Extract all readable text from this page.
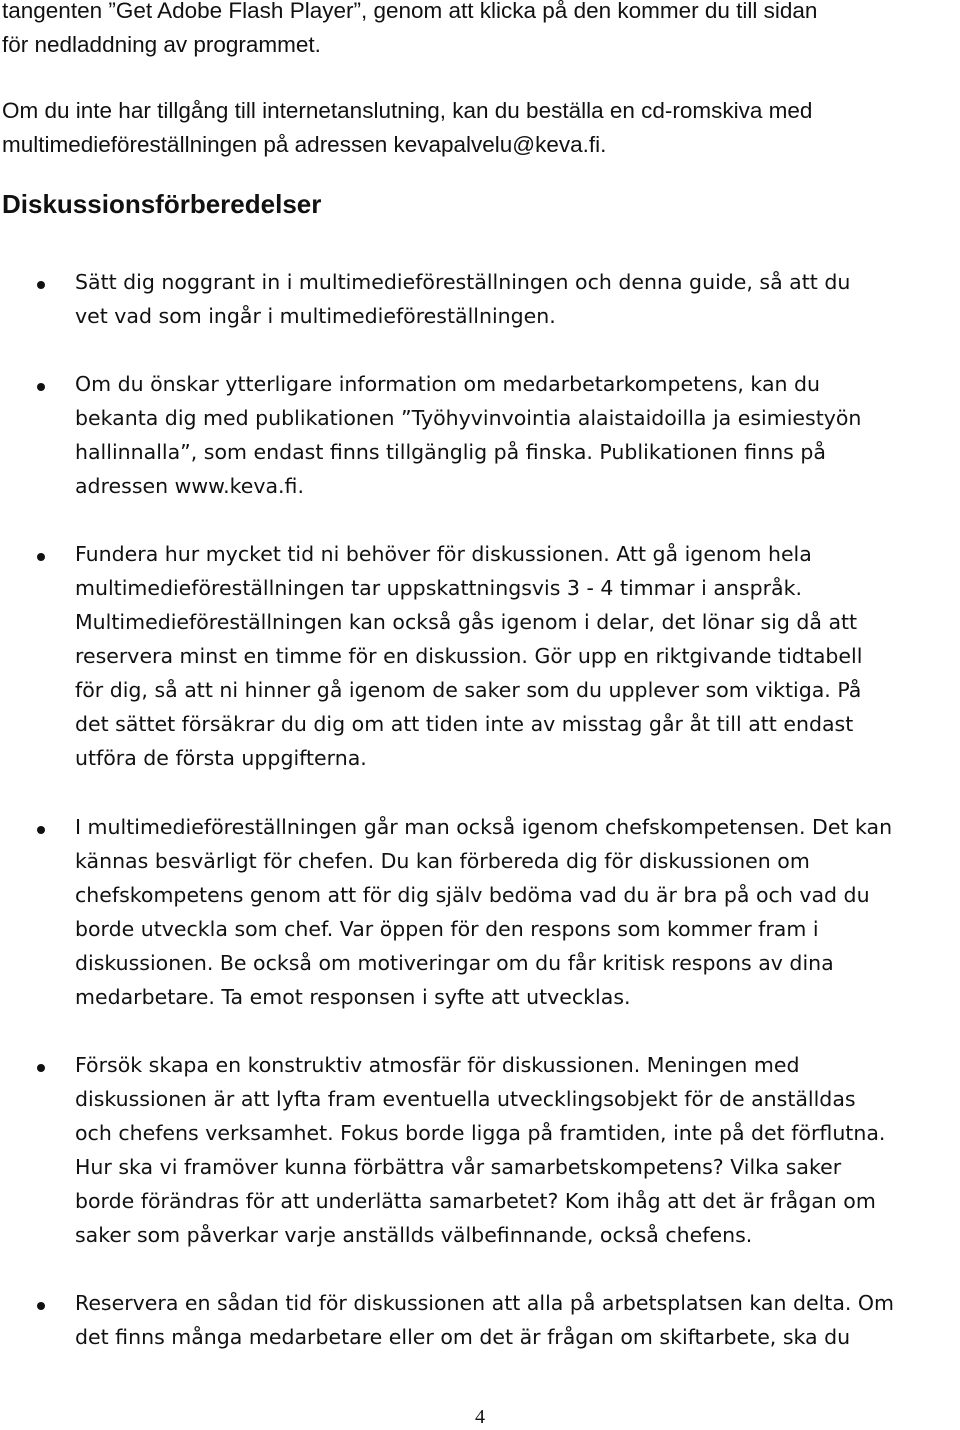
tangenten ”Get Adobe Flash Player”, genom att klicka på den kommer du till sidan
för nedladdning av programmet.

Om du inte har tillgång till internetanslutning, kan du beställa en cd-romskiva med
multimedieföreställningen på adressen kevapalvelu@keva.fi.

Diskussionsförberedelser
Sätt dig noggrant in i multimedieföreställningen och denna guide, så att du
vet vad som ingår i multimedieföreställningen.
Om du önskar ytterligare information om medarbetarkompetens, kan du
bekanta dig med publikationen ”Työhyvinvointia alaistaidoilla ja esimiestyön
hallinnalla”, som endast finns tillgänglig på finska. Publikationen finns på
adressen www.keva.fi.
Fundera hur mycket tid ni behöver för diskussionen. Att gå igenom hela
multimedieföreställningen tar uppskattningsvis 3 - 4 timmar i anspråk.
Multimedieföreställningen kan också gås igenom i delar, det lönar sig då att
reservera minst en timme för en diskussion. Gör upp en riktgivande tidtabell
för dig, så att ni hinner gå igenom de saker som du upplever som viktiga. På
det sättet försäkrar du dig om att tiden inte av misstag går åt till att endast
utföra de första uppgifterna.
I multimedieföreställningen går man också igenom chefskompetensen. Det kan
kännas besvärligt för chefen. Du kan förbereda dig för diskussionen om
chefskompetens genom att för dig själv bedöma vad du är bra på och vad du
borde utveckla som chef. Var öppen för den respons som kommer fram i
diskussionen. Be också om motiveringar om du får kritisk respons av dina
medarbetare. Ta emot responsen i syfte att utvecklas.
Försök skapa en konstruktiv atmosfär för diskussionen. Meningen med
diskussionen är att lyfta fram eventuella utvecklingsobjekt för de anställdas
och chefens verksamhet. Fokus borde ligga på framtiden, inte på det förflutna.
Hur ska vi framöver kunna förbättra vår samarbetskompetens? Vilka saker
borde förändras för att underlätta samarbetet? Kom ihåg att det är frågan om
saker som påverkar varje anställds välbefinnande, också chefens.
Reservera en sådan tid för diskussionen att alla på arbetsplatsen kan delta. Om
det finns många medarbetare eller om det är frågan om skiftarbete, ska du
4
